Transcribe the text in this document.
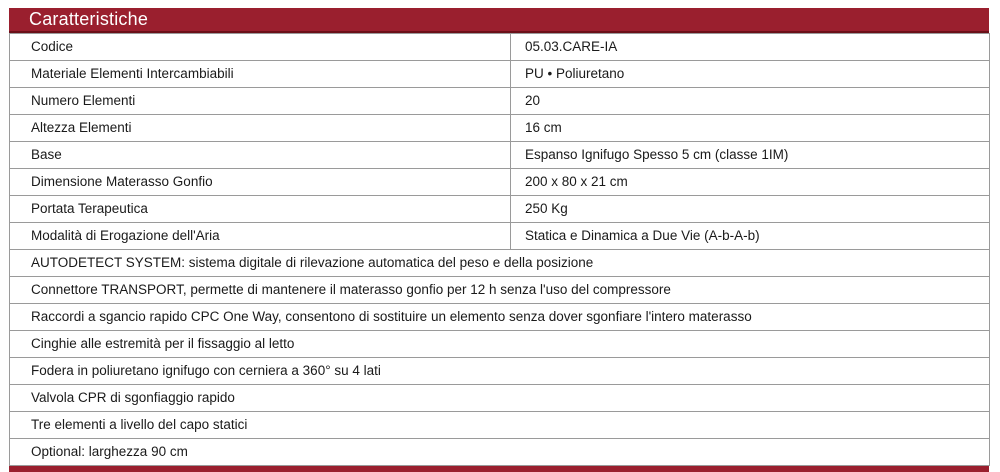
Caratteristiche
Codice	05.03.CARE-IA
Materiale Elementi Intercambiabili	PU • Poliuretano
Numero Elementi	20
Altezza Elementi	16 cm
Base	Espanso Ignifugo Spesso 5 cm (classe 1IM)
Dimensione Materasso Gonfio	200 x 80 x 21 cm
Portata Terapeutica	250 Kg
Modalità di Erogazione dell'Aria	Statica e Dinamica a Due Vie (A-b-A-b)
AUTODETECT SYSTEM: sistema digitale di rilevazione automatica del peso e della posizione	
Connettore TRANSPORT, permette di mantenere il materasso gonfio per 12 h senza l'uso del compressore	
Raccordi a sgancio rapido CPC One Way, consentono di sostituire un elemento senza dover sgonfiare l'intero materasso	
Cinghie alle estremità per il fissaggio al letto	
Fodera in poliuretano ignifugo con cerniera a 360° su 4 lati	
Valvola CPR di sgonfiaggio rapido	
Tre elementi a livello del capo statici	
Optional: larghezza 90 cm	
